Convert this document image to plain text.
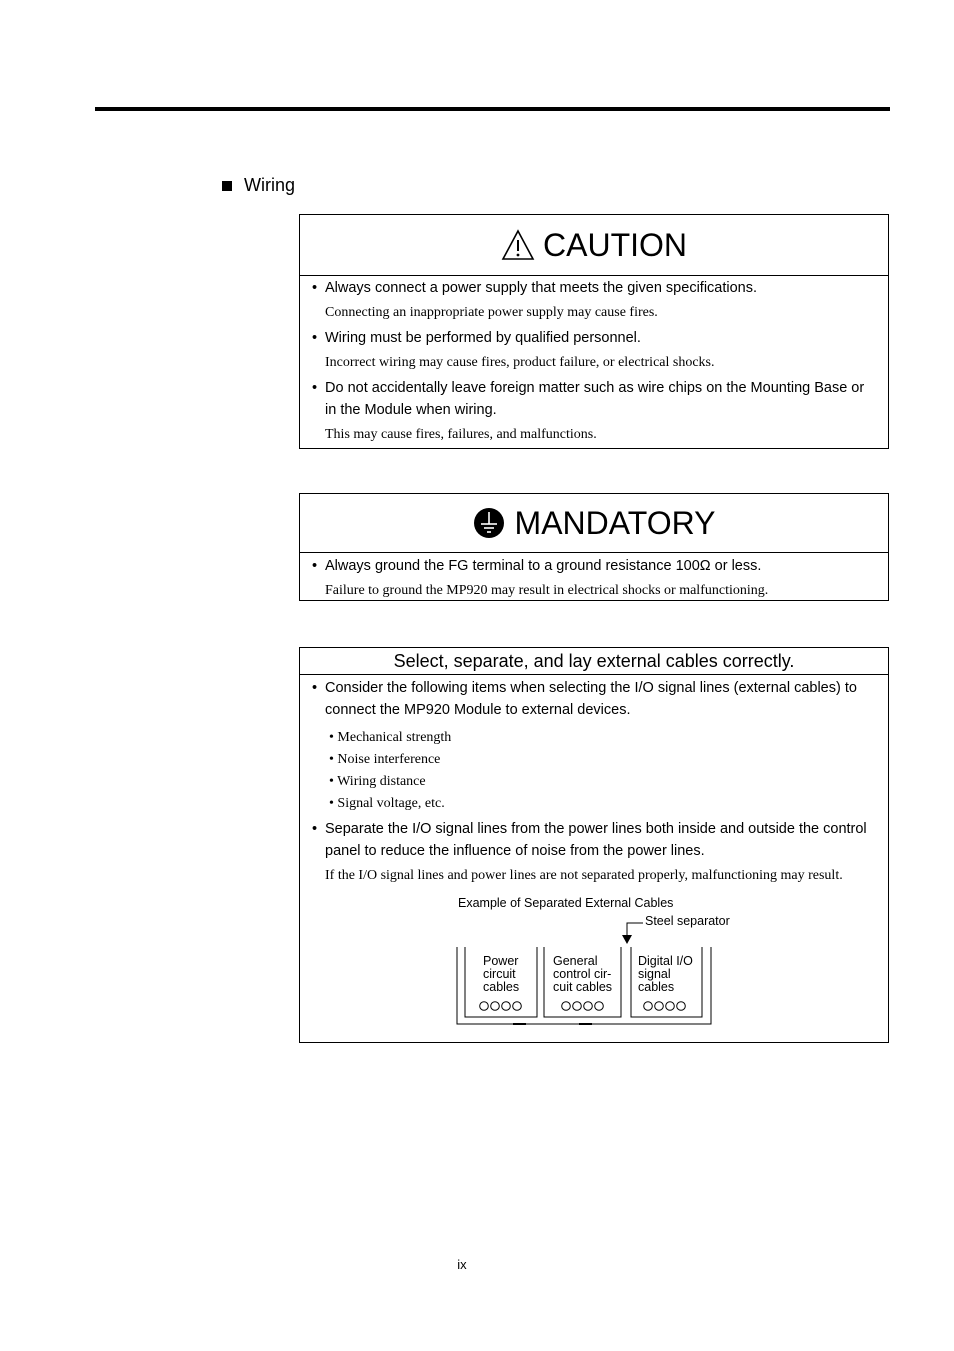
Wiring
CAUTION
• Always connect a power supply that meets the given specifications.
Connecting an inappropriate power supply may cause fires.
• Wiring must be performed by qualified personnel.
Incorrect wiring may cause fires, product failure, or electrical shocks.
• Do not accidentally leave foreign matter such as wire chips on the Mounting Base or in the Module when wiring.
This may cause fires, failures, and malfunctions.
MANDATORY
• Always ground the FG terminal to a ground resistance 100Ω or less.
Failure to ground the MP920 may result in electrical shocks or malfunctioning.
Select, separate, and lay external cables correctly.
• Consider the following items when selecting the I/O signal lines (external cables) to connect the MP920 Module to external devices.
• Mechanical strength
• Noise interference
• Wiring distance
• Signal voltage, etc.
• Separate the I/O signal lines from the power lines both inside and outside the control panel to reduce the influence of noise from the power lines.
If the I/O signal lines and power lines are not separated properly, malfunctioning may result.
Example of Separated External Cables
Steel separator
Power
circuit
cables
General
control cir-
cuit cables
Digital I/O
signal
cables
ix
